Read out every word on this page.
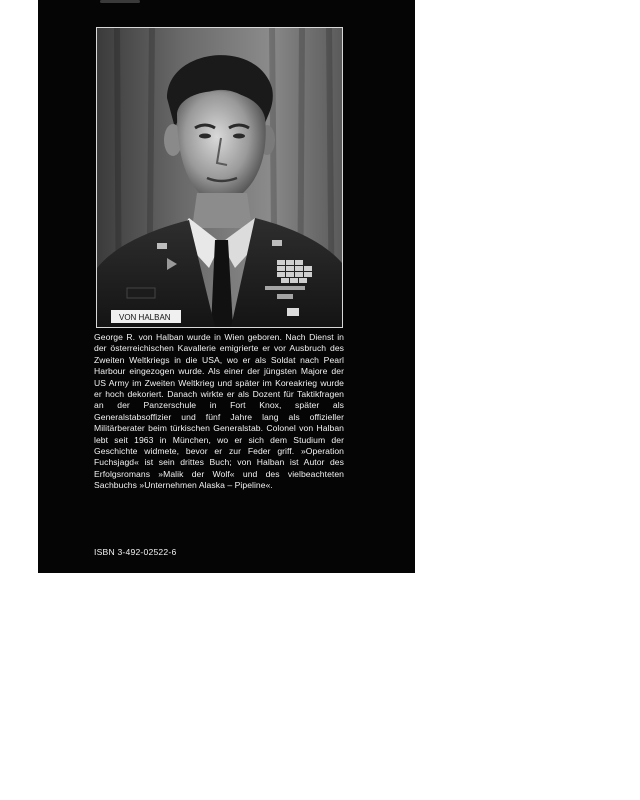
VON HALBAN

George R. von Halban wurde in Wien geboren. Nach Dienst in der österreichischen Kavallerie emigrierte er vor Ausbruch des Zweiten Weltkriegs in die USA, wo er als Soldat nach Pearl Harbour eingezogen wurde. Als einer der jüngsten Majore der US Army im Zweiten Weltkrieg und später im Koreakrieg wurde er hoch dekoriert. Danach wirkte er als Dozent für Taktikfragen an der Panzerschule in Fort Knox, später als Generalstabsoffizier und fünf Jahre lang als offizieller Militärberater beim türkischen Generalstab. Colonel von Halban lebt seit 1963 in München, wo er sich dem Studium der Geschichte widmete, bevor er zur Feder griff. »Operation Fuchsjagd« ist sein drittes Buch; von Halban ist Autor des Erfolgsromans »Malik der Wolf« und des vielbeachteten Sachbuchs »Unternehmen Alaska – Pipeline«.

ISBN 3-492-02522-6
